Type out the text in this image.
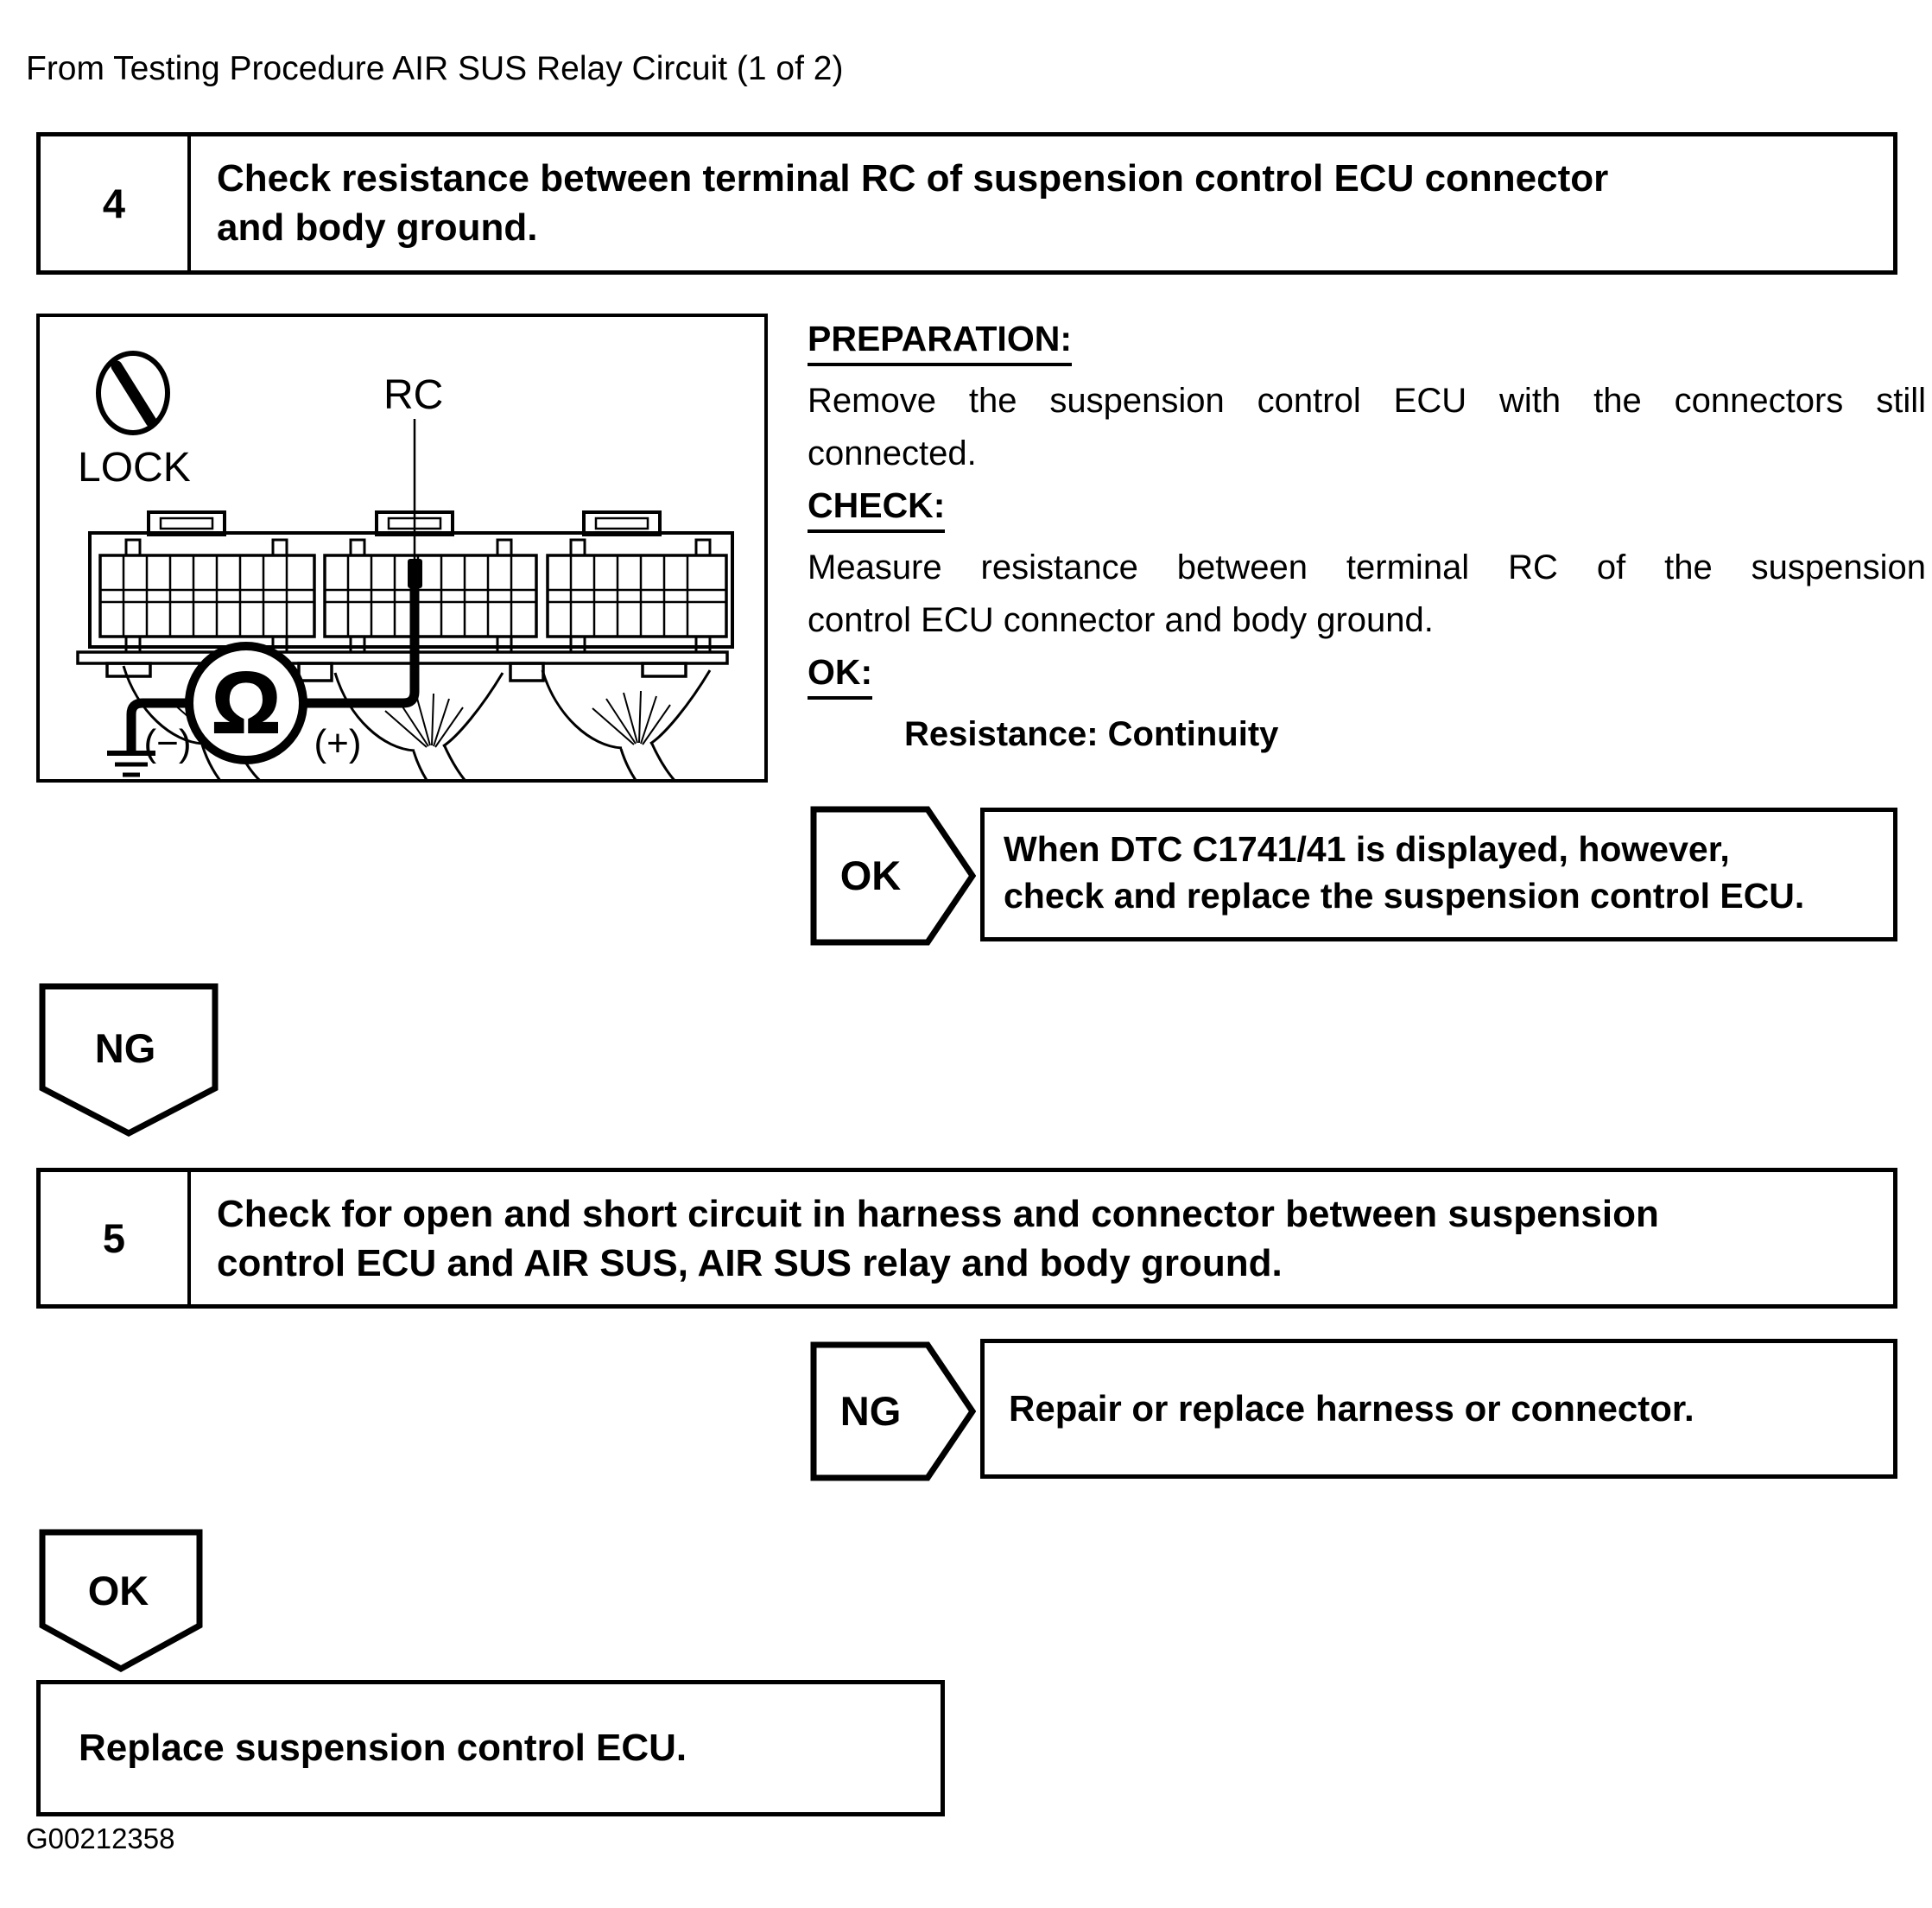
From Testing Procedure AIR SUS Relay Circuit (1 of 2)
4
Check resistance between terminal RC of suspension control ECU connector
and body ground.
LOCK
RC
Ω
(−)	(+)
PREPARATION:
Remove the suspension control ECU with the connectors still
connected.
CHECK:
Measure resistance between terminal RC of the suspension
control ECU connector and body ground.
OK:
Resistance: Continuity
OK
When DTC C1741/41 is displayed, however,
check and replace the suspension control ECU.
NG
5
Check for open and short circuit in harness and connector between suspension
control ECU and AIR SUS, AIR SUS relay and body ground.
NG	Repair or replace harness or connector.
OK
Replace suspension control ECU.
G00212358
